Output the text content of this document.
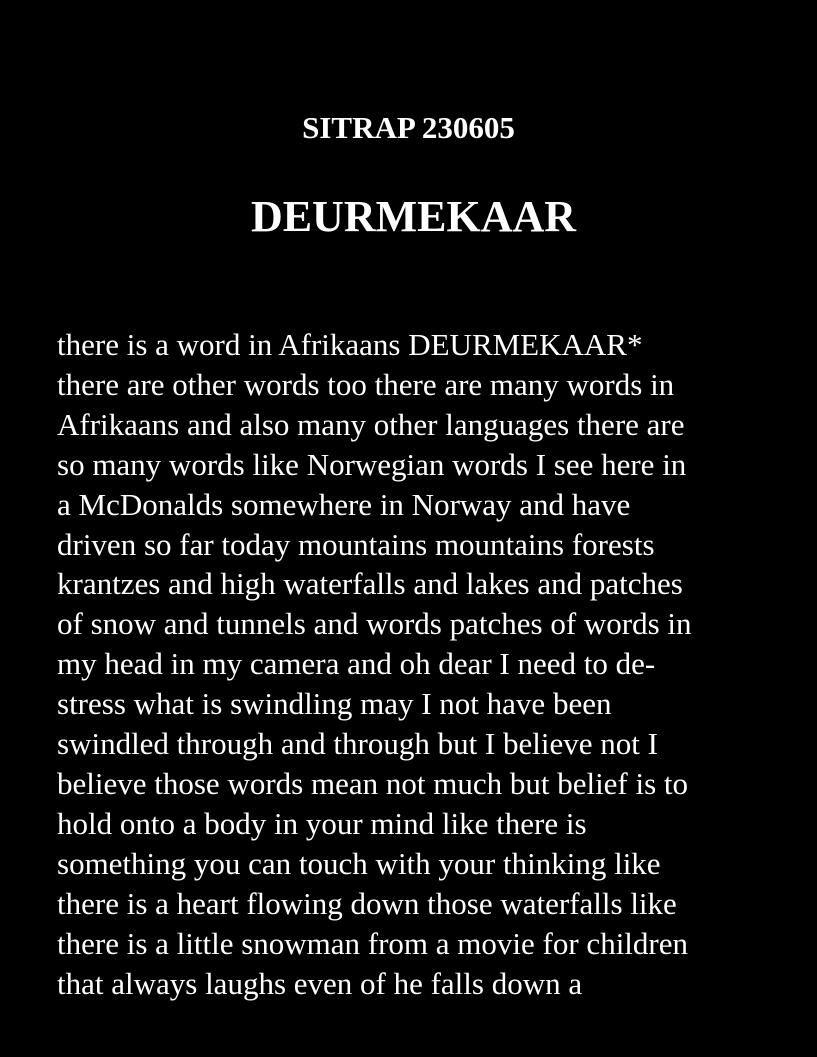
SITRAP 230605
DEURMEKAAR
there is a word in Afrikaans DEURMEKAAR*
there are other words too there are many words in
Afrikaans and also many other languages there are
so many words like Norwegian words I see here in
a McDonalds somewhere in Norway and have
driven so far today mountains mountains forests
krantzes and high waterfalls and lakes and patches
of snow and tunnels and words patches of words in
my head in my camera and oh dear I need to de-
stress what is swindling may I not have been
swindled through and through but I believe not I
believe those words mean not much but belief is to
hold onto a body in your mind like there is
something you can touch with your thinking like
there is a heart flowing down those waterfalls like
there is a little snowman from a movie for children
that always laughs even of he falls down a
